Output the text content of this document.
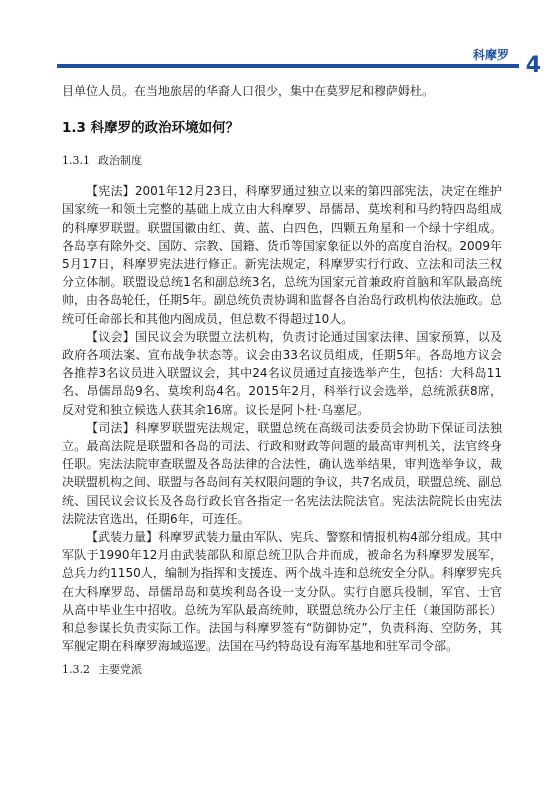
科摩罗 4

目单位人员。在当地旅居的华裔人口很少，集中在莫罗尼和穆萨姆杜。

1.3 科摩罗的政治环境如何？
1.3.1 政治制度

【宪法】2001年12月23日，科摩罗通过独立以来的第四部宪法，决定在维护国家统一和领土完整的基础上成立由大科摩罗、昂儒昂、莫埃利和马约特四岛组成的科摩罗联盟。联盟国徽由红、黄、蓝、白四色，四颗五角星和一个绿十字组成。各岛享有除外交、国防、宗教、国籍、货币等国家象征以外的高度自治权。2009年5月17日，科摩罗宪法进行修正。新宪法规定，科摩罗实行行政、立法和司法三权分立体制。联盟设总统1名和副总统3名，总统为国家元首兼政府首脑和军队最高统帅，由各岛轮任，任期5年。副总统负责协调和监督各自治岛行政机构依法施政。总统可任命部长和其他内阁成员，但总数不得超过10人。

【议会】国民议会为联盟立法机构，负责讨论通过国家法律、国家预算，以及政府各项法案、宣布战争状态等。议会由33名议员组成，任期5年。各岛地方议会各推荐3名议员进入联盟议会，其中24名议员通过直接选举产生，包括：大科岛11名、昂儒昂岛9名、莫埃利岛4名。2015年2月，科举行议会选举，总统派获8席，反对党和独立候选人获其余16席。议长是阿卜杜·乌塞尼。

【司法】科摩罗联盟宪法规定，联盟总统在高级司法委员会协助下保证司法独立。最高法院是联盟和各岛的司法、行政和财政等问题的最高审判机关，法官终身任职。宪法法院审查联盟及各岛法律的合法性，确认选举结果，审判选举争议，裁决联盟机构之间、联盟与各岛间有关权限问题的争议，共7名成员，联盟总统、副总统、国民议会议长及各岛行政长官各指定一名宪法法院法官。宪法法院院长由宪法法院法官选出，任期6年，可连任。

【武装力量】科摩罗武装力量由军队、宪兵、警察和情报机构4部分组成。其中军队于1990年12月由武装部队和原总统卫队合并而成，被命名为科摩罗发展军，总兵力约1150人，编制为指挥和支援连、两个战斗连和总统安全分队。科摩罗宪兵在大科摩罗岛、昂儒昂岛和莫埃利岛各设一支分队。实行自愿兵役制，军官、士官从高中毕业生中招收。总统为军队最高统帅，联盟总统办公厅主任（兼国防部长）和总参谋长负责实际工作。法国与科摩罗签有“防御协定”，负责科海、空防务，其军舰定期在科摩罗海域巡逻。法国在马约特岛设有海军基地和驻军司令部。

1.3.2 主要党派
